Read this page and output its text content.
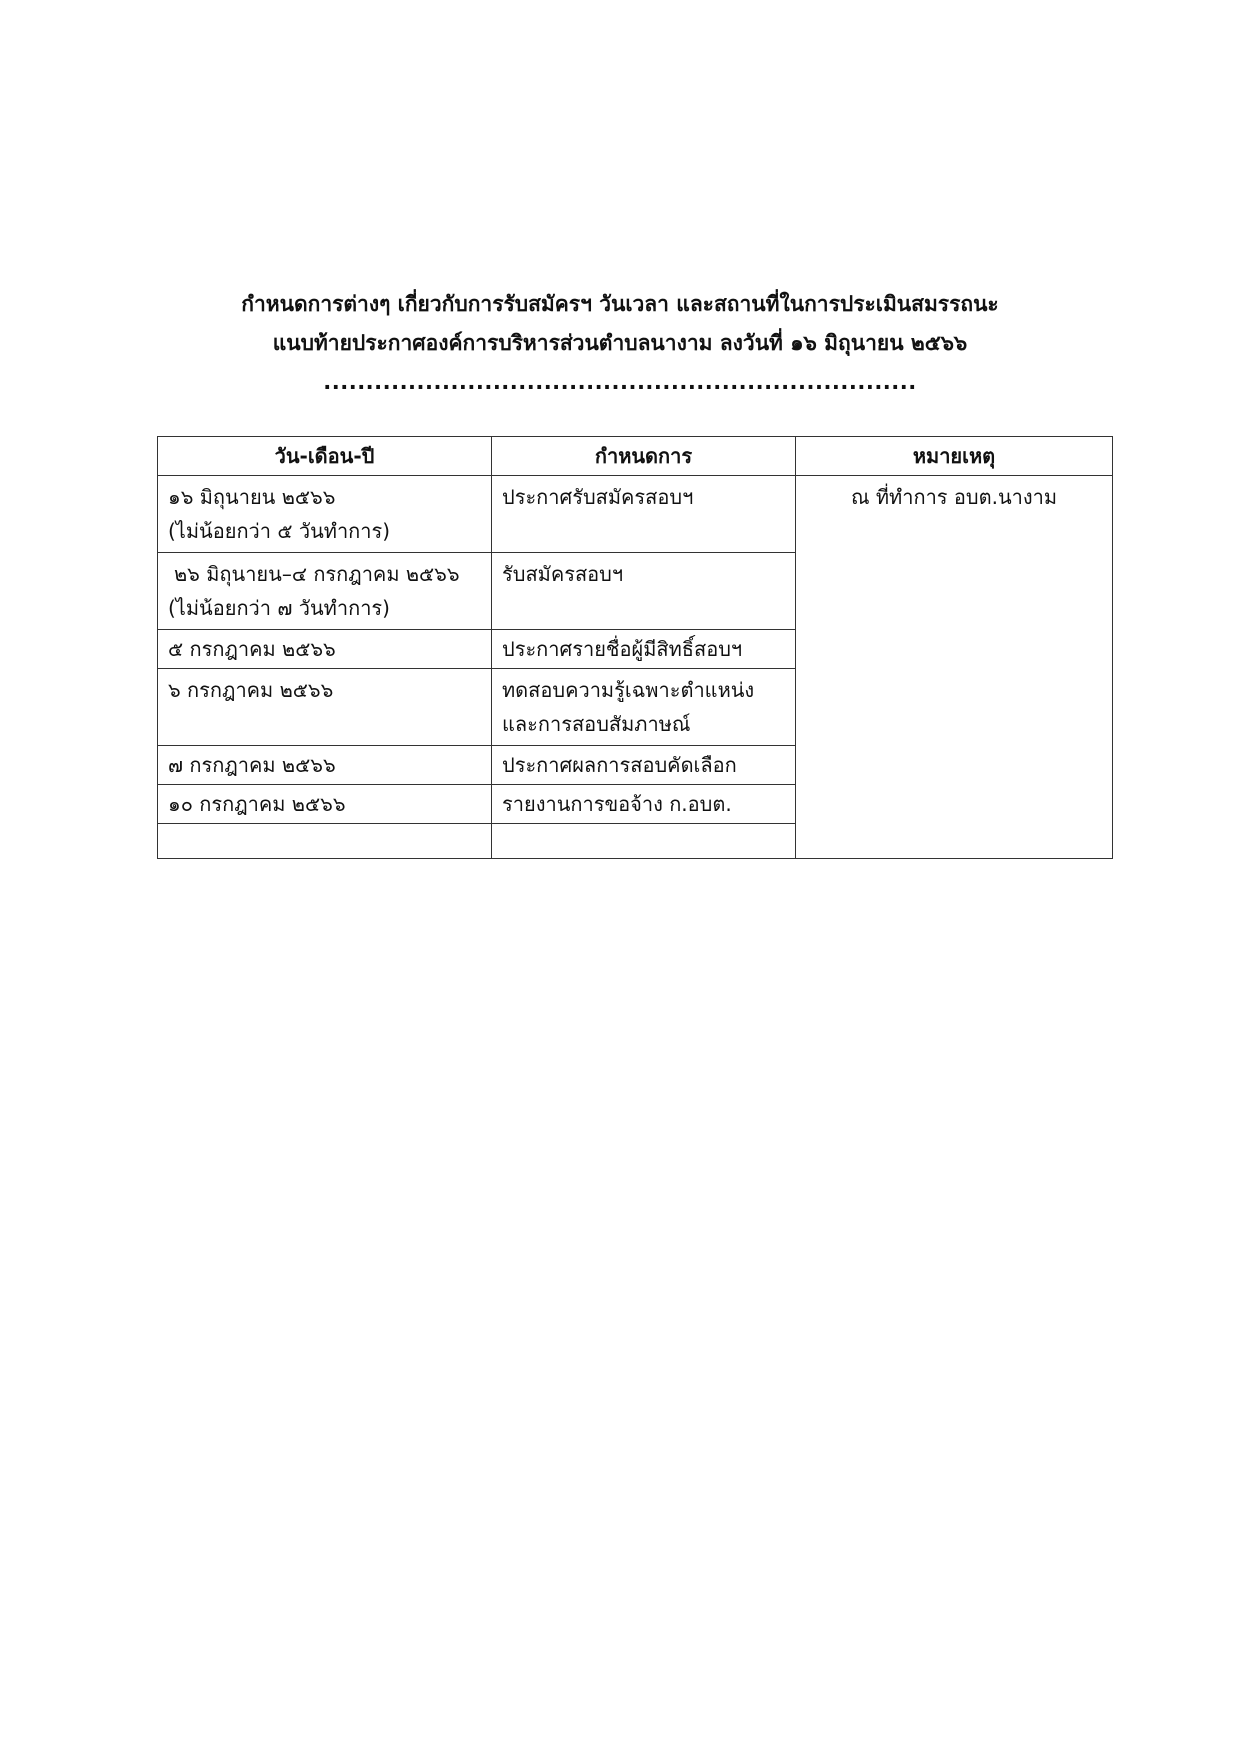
กำหนดการต่างๆ เกี่ยวกับการรับสมัครฯ วันเวลา และสถานที่ในการประเมินสมรรถนะ
แนบท้ายประกาศองค์การบริหารส่วนตำบลนางาม ลงวันที่ ๑๖ มิถุนายน ๒๕๖๖
......................................................................
วัน-เดือน-ปี	กำหนดการ	หมายเหตุ

๑๖ มิถุนายน ๒๕๖๖
(ไม่น้อยกว่า ๕ วันทำการ)	ประกาศรับสมัครสอบฯ	ณ ที่ทำการ อบต.นางาม

๒๖ มิถุนายน–๔ กรกฎาคม ๒๕๖๖
(ไม่น้อยกว่า ๗ วันทำการ)	รับสมัครสอบฯ	

๕ กรกฎาคม ๒๕๖๖	ประกาศรายชื่อผู้มีสิทธิ์สอบฯ	

๖ กรกฎาคม ๒๕๖๖	ทดสอบความรู้เฉพาะตำแหน่ง
และการสอบสัมภาษณ์	

๗ กรกฎาคม ๒๕๖๖	ประกาศผลการสอบคัดเลือก	

๑๐ กรกฎาคม ๒๕๖๖	รายงานการขอจ้าง ก.อบต.	
